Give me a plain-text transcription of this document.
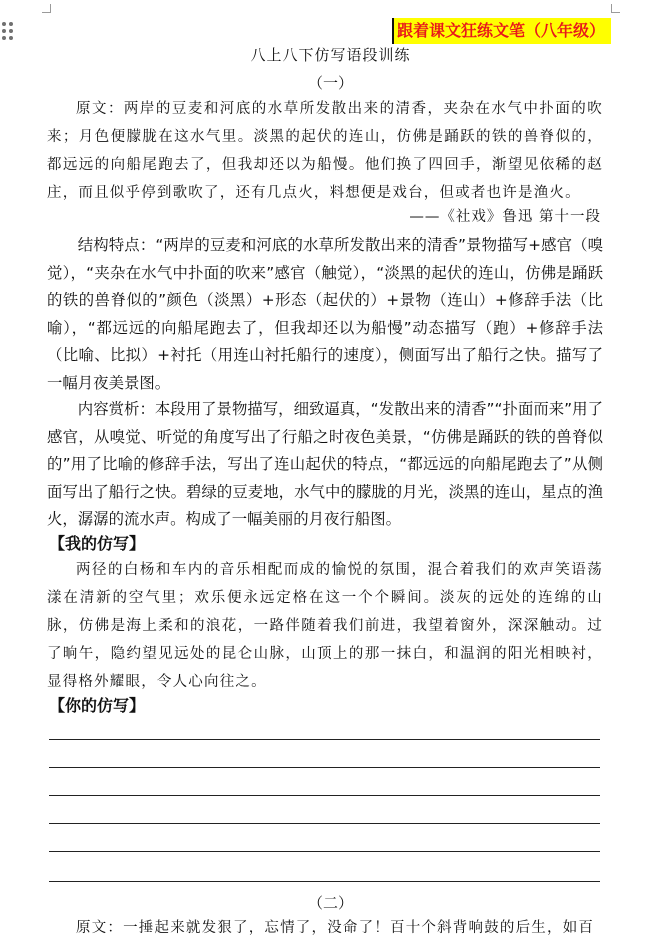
跟着课文狂练文笔（八年级）
八上八下仿写语段训练
（一）

原文：两岸的豆麦和河底的水草所发散出来的清香，夹杂在水气中扑面的吹来；月色便朦胧在这水气里。淡黑的起伏的连山，仿佛是踊跃的铁的兽脊似的，都远远的向船尾跑去了，但我却还以为船慢。他们换了四回手，渐望见依稀的赵庄，而且似乎停到歌吹了，还有几点火，料想便是戏台，但或者也许是渔火。

——《社戏》鲁迅 第十一段

结构特点：“两岸的豆麦和河底的水草所发散出来的清香”景物描写+感官（嗅觉），“夹杂在水气中扑面的吹来”感官（触觉），“淡黑的起伏的连山，仿佛是踊跃的铁的兽脊似的”颜色（淡黑）+形态（起伏的）+景物（连山）+修辞手法（比喻），“都远远的向船尾跑去了，但我却还以为船慢”动态描写（跑）+修辞手法（比喻、比拟）+衬托（用连山衬托船行的速度），侧面写出了船行之快。描写了一幅月夜美景图。

内容赏析：本段用了景物描写，细致逼真，“发散出来的清香”“扑面而来”用了感官，从嗅觉、听觉的角度写出了行船之时夜色美景，“仿佛是踊跃的铁的兽脊似的”用了比喻的修辞手法，写出了连山起伏的特点，“都远远的向船尾跑去了”从侧面写出了船行之快。碧绿的豆麦地，水气中的朦胧的月光，淡黑的连山，星点的渔火，潺潺的流水声。构成了一幅美丽的月夜行船图。

【我的仿写】

两径的白杨和车内的音乐相配而成的愉悦的氛围，混合着我们的欢声笑语荡漾在清新的空气里；欢乐便永远定格在这一个个瞬间。淡灰的远处的连绵的山脉，仿佛是海上柔和的浪花，一路伴随着我们前进，我望着窗外，深深触动。过了晌午，隐约望见远处的昆仑山脉，山顶上的那一抹白，和温润的阳光相映衬，显得格外耀眼，令人心向往之。

【你的仿写】
（二）

原文：一捶起来就发狠了，忘情了，没命了！百十个斜背响鼓的后生，如百
